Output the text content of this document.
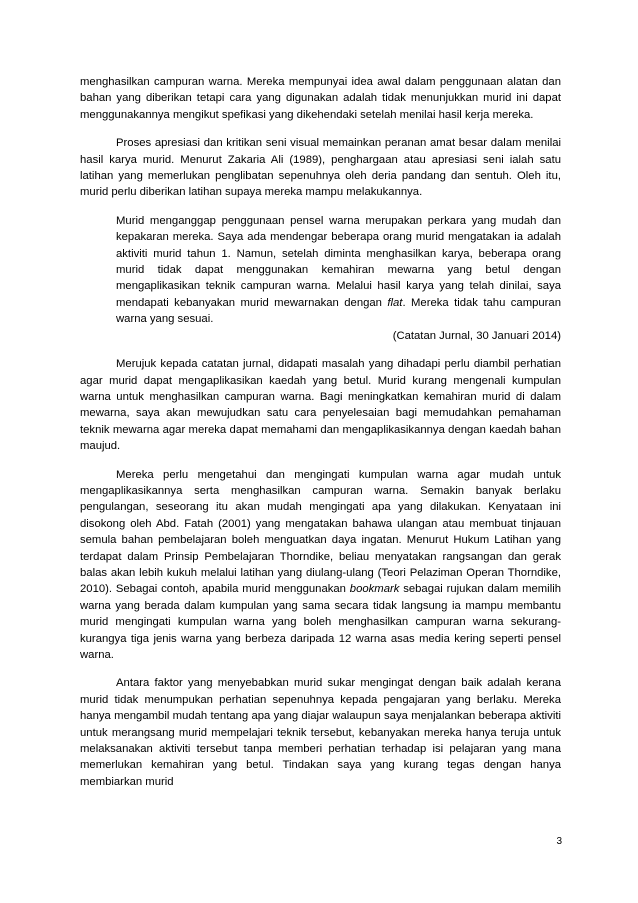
menghasilkan campuran warna. Mereka mempunyai idea awal dalam penggunaan alatan dan bahan yang diberikan tetapi cara yang digunakan adalah tidak menunjukkan murid ini dapat menggunakannya mengikut spefikasi yang dikehendaki setelah menilai hasil kerja mereka.

Proses apresiasi dan kritikan seni visual memainkan peranan amat besar dalam menilai hasil karya murid. Menurut Zakaria Ali (1989), penghargaan atau apresiasi seni ialah satu latihan yang memerlukan penglibatan sepenuhnya oleh deria pandang dan sentuh. Oleh itu, murid perlu diberikan latihan supaya mereka mampu melakukannya.

Murid menganggap penggunaan pensel warna merupakan perkara yang mudah dan kepakaran mereka. Saya ada mendengar beberapa orang murid mengatakan ia adalah aktiviti murid tahun 1. Namun, setelah diminta menghasilkan karya, beberapa orang murid tidak dapat menggunakan kemahiran mewarna yang betul dengan mengaplikasikan teknik campuran warna. Melalui hasil karya yang telah dinilai, saya mendapati kebanyakan murid mewarnakan dengan flat. Mereka tidak tahu campuran warna yang sesuai.

(Catatan Jurnal, 30 Januari 2014)

Merujuk kepada catatan jurnal, didapati masalah yang dihadapi perlu diambil perhatian agar murid dapat mengaplikasikan kaedah yang betul. Murid kurang mengenali kumpulan warna untuk menghasilkan campuran warna. Bagi meningkatkan kemahiran murid di dalam mewarna, saya akan mewujudkan satu cara penyelesaian bagi memudahkan pemahaman teknik mewarna agar mereka dapat memahami dan mengaplikasikannya dengan kaedah bahan maujud.

Mereka perlu mengetahui dan mengingati kumpulan warna agar mudah untuk mengaplikasikannya serta menghasilkan campuran warna. Semakin banyak berlaku pengulangan, seseorang itu akan mudah mengingati apa yang dilakukan. Kenyataan ini disokong oleh Abd. Fatah (2001) yang mengatakan bahawa ulangan atau membuat tinjauan semula bahan pembelajaran boleh menguatkan daya ingatan. Menurut Hukum Latihan yang terdapat dalam Prinsip Pembelajaran Thorndike, beliau menyatakan rangsangan dan gerak balas akan lebih kukuh melalui latihan yang diulang-ulang (Teori Pelaziman Operan Thorndike, 2010). Sebagai contoh, apabila murid menggunakan bookmark sebagai rujukan dalam memilih warna yang berada dalam kumpulan yang sama secara tidak langsung ia mampu membantu murid mengingati kumpulan warna yang boleh menghasilkan campuran warna sekurang-kurangya tiga jenis warna yang berbeza daripada 12 warna asas media kering seperti pensel warna.

Antara faktor yang menyebabkan murid sukar mengingat dengan baik adalah kerana murid tidak menumpukan perhatian sepenuhnya kepada pengajaran yang berlaku. Mereka hanya mengambil mudah tentang apa yang diajar walaupun saya menjalankan beberapa aktiviti untuk merangsang murid mempelajari teknik tersebut, kebanyakan mereka hanya teruja untuk melaksanakan aktiviti tersebut tanpa memberi perhatian terhadap isi pelajaran yang mana memerlukan kemahiran yang betul. Tindakan saya yang kurang tegas dengan hanya membiarkan murid

3
